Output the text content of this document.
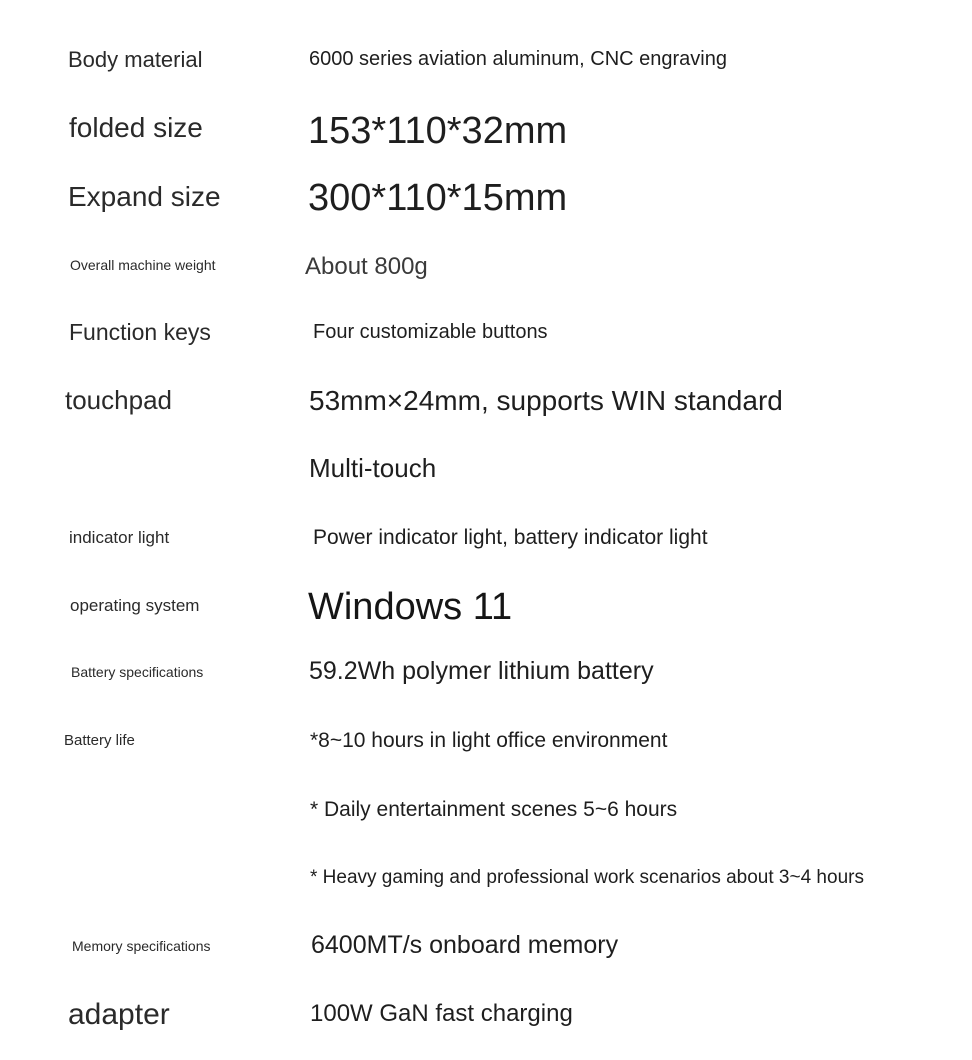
Body material	6000 series aviation aluminum, CNC engraving
folded size	153*110*32mm
Expand size 300*110*15mm
Overall machine weight	About 800g
Function keys	Four customizable buttons
touchpad	53mm×24mm, supports WIN standard
Multi-touch
indicator light	Power indicator light, battery indicator light
operating system	Windows 11
Battery specifications	59.2Wh polymer lithium battery
Battery life	*8~10 hours in light office environment
* Daily entertainment scenes 5~6 hours
* Heavy gaming and professional work scenarios about 3~4 hours
Memory specifications	6400MT/s onboard memory
adapter	100W GaN fast charging
